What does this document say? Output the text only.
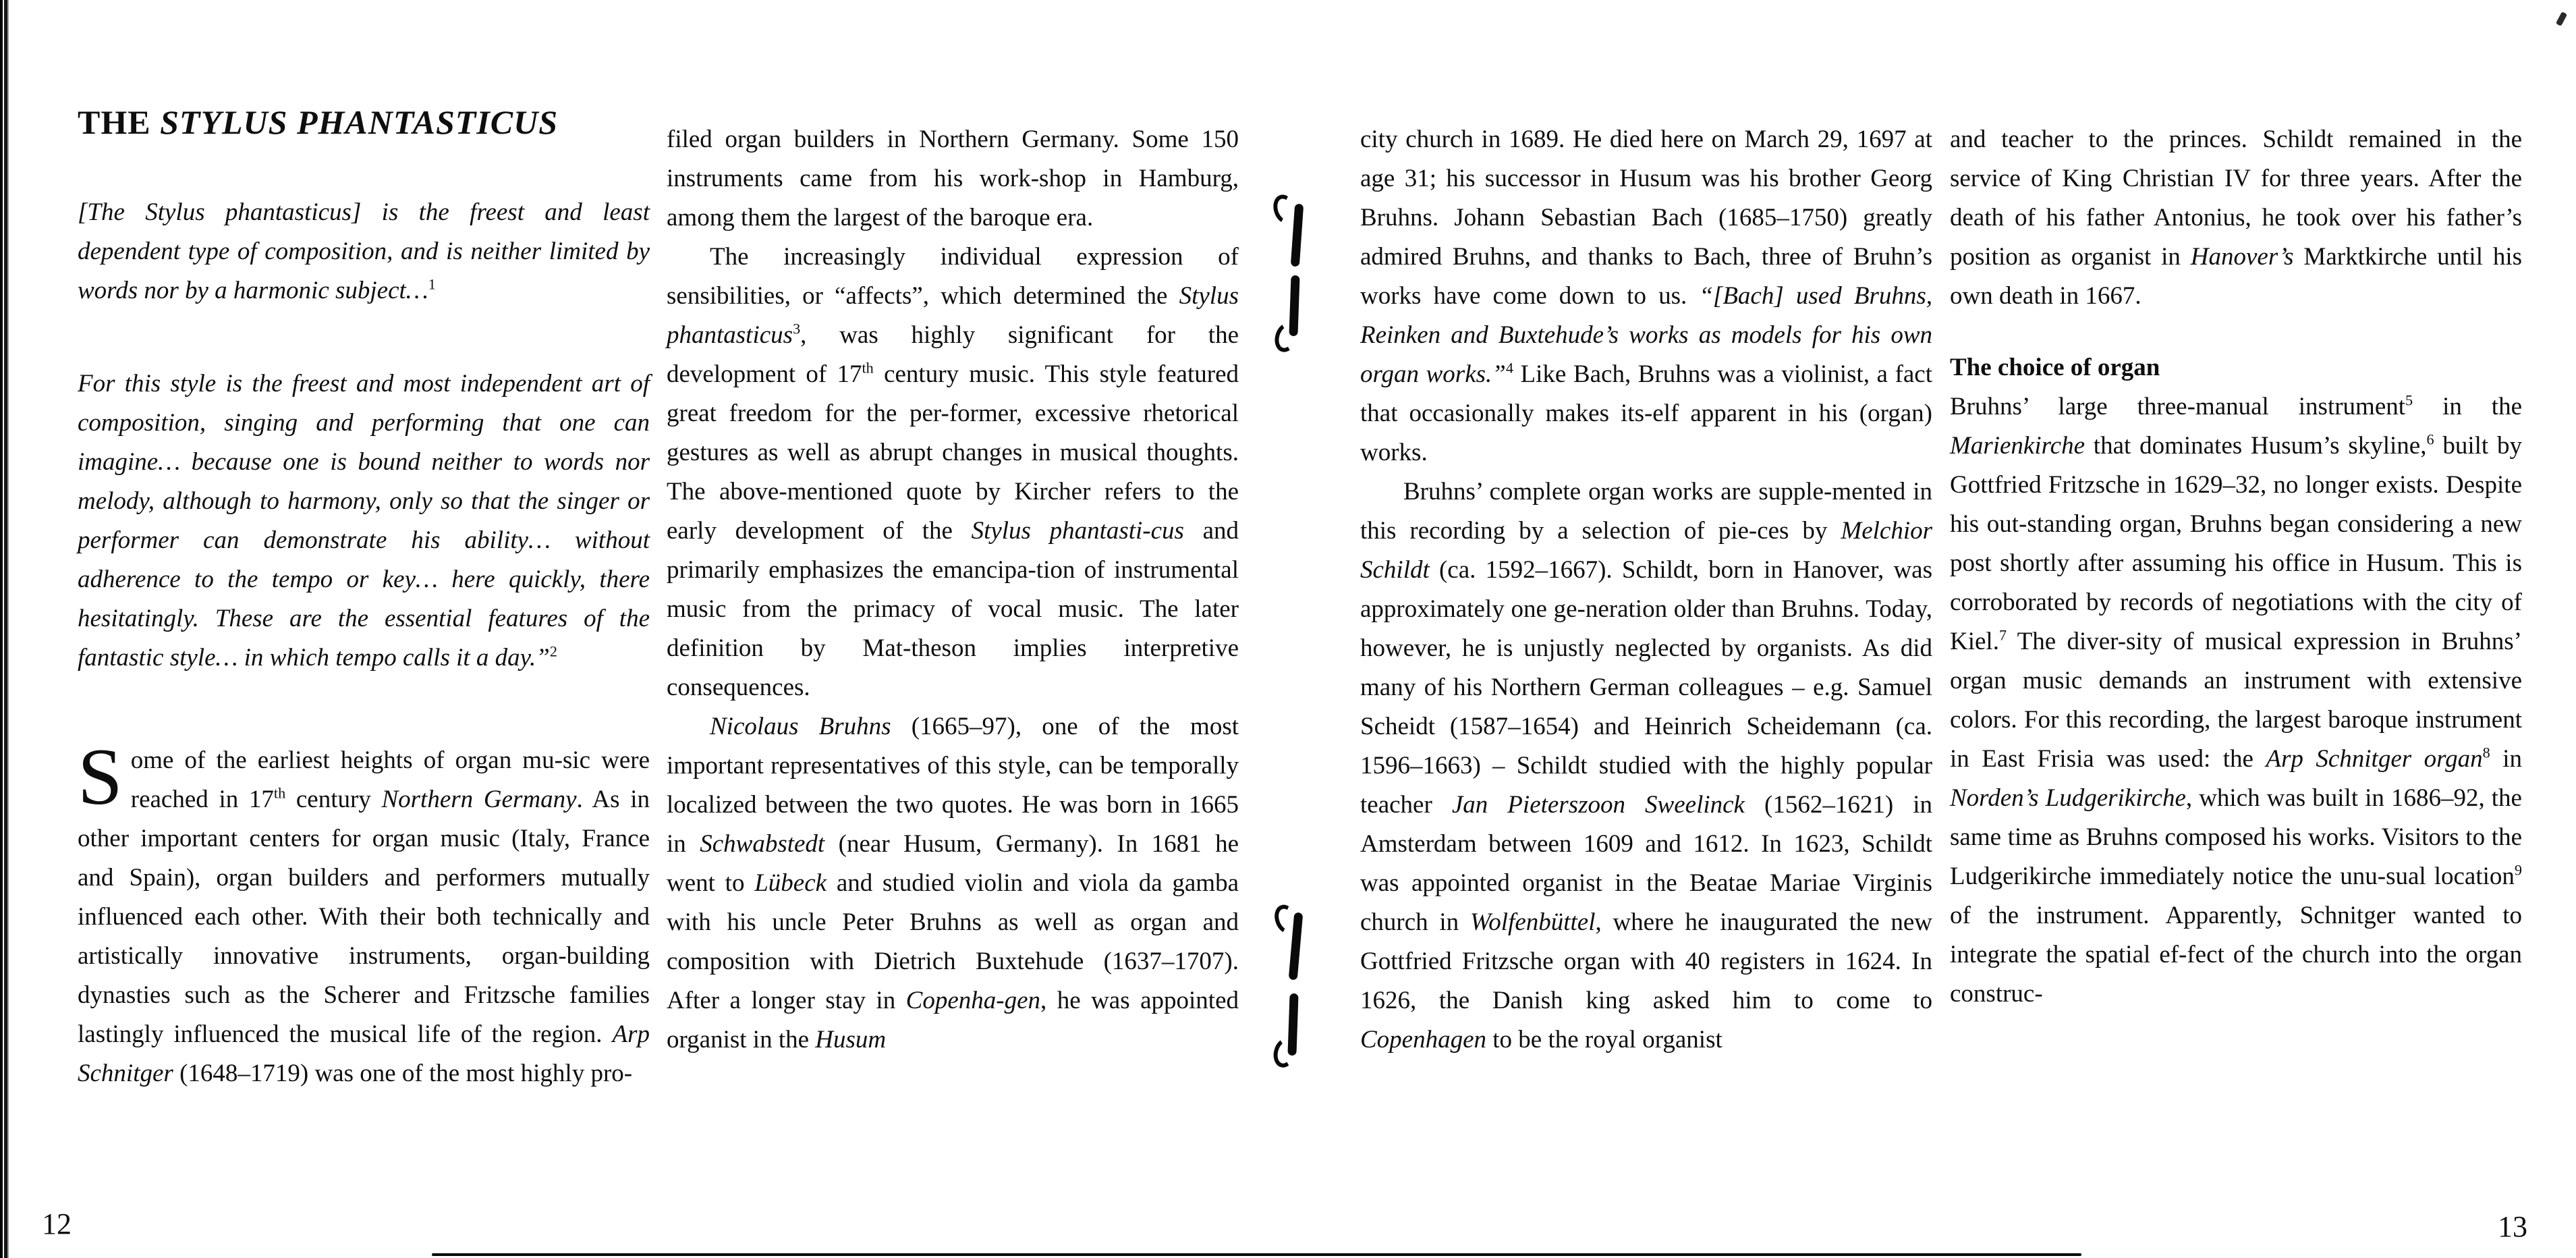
THE STYLUS PHANTASTICUS

[The Stylus phantasticus] is the freest and least dependent type of composition, and is neither limited by words nor by a harmonic subject…$^1$

For this style is the freest and most independent art of composition, singing and performing that one can imagine… because one is bound neither to words nor melody, although to harmony, only so that the singer or performer can demonstrate his ability… without adherence to the tempo or key… here quickly, there hesitatingly. These are the essential features of the fantastic style… in which tempo calls it a day.”$^2$

Some of the earliest heights of organ mu-sic were reached in 17th century Northern Germany. As in other important centers for organ music (Italy, France and Spain), organ builders and performers mutually influenced each other. With their both technically and artistically innovative instruments, organ-building dynasties such as the Scherer and Fritzsche families lastingly influenced the musical life of the region. Arp Schnitger (1648–1719) was one of the most highly pro-

filed organ builders in Northern Germany. Some 150 instruments came from his work-shop in Hamburg, among them the largest of the baroque era.

The increasingly individual expression of sensibilities, or “affects”, which determined the Stylus phantasticus$^3$, was highly significant for the development of 17th century music. This style featured great freedom for the per-former, excessive rhetorical gestures as well as abrupt changes in musical thoughts. The above-mentioned quote by Kircher refers to the early development of the Stylus phantasti-cus and primarily emphasizes the emancipa-tion of instrumental music from the primacy of vocal music. The later definition by Mat-theson implies interpretive consequences.

Nicolaus Bruhns (1665–97), one of the most important representatives of this style, can be temporally localized between the two quotes. He was born in 1665 in Schwabstedt (near Husum, Germany). In 1681 he went to Lübeck and studied violin and viola da gamba with his uncle Peter Bruhns as well as organ and composition with Dietrich Buxtehude (1637–1707). After a longer stay in Copenha-gen, he was appointed organist in the Husum

city church in 1689. He died here on March 29, 1697 at age 31; his successor in Husum was his brother Georg Bruhns. Johann Sebastian Bach (1685–1750) greatly admired Bruhns, and thanks to Bach, three of Bruhn’s works have come down to us. “[Bach] used Bruhns, Reinken and Buxtehude’s works as models for his own organ works.”$^4$ Like Bach, Bruhns was a violinist, a fact that occasionally makes its-elf apparent in his (organ) works.

Bruhns’ complete organ works are supple-mented in this recording by a selection of pie-ces by Melchior Schildt (ca. 1592–1667). Schildt, born in Hanover, was approximately one ge-neration older than Bruhns. Today, however, he is unjustly neglected by organists. As did many of his Northern German colleagues – e.g. Samuel Scheidt (1587–1654) and Heinrich Scheidemann (ca. 1596–1663) – Schildt studied with the highly popular teacher Jan Pieterszoon Sweelinck (1562–1621) in Amsterdam between 1609 and 1612. In 1623, Schildt was appointed organist in the Beatae Mariae Virginis church in Wolfenbüttel, where he inaugurated the new Gottfried Fritzsche organ with 40 registers in 1624. In 1626, the Danish king asked him to come to Copenhagen to be the royal organist

and teacher to the princes. Schildt remained in the service of King Christian IV for three years. After the death of his father Antonius, he took over his father’s position as organist in Hanover’s Marktkirche until his own death in 1667.

The choice of organ

Bruhns’ large three-manual instrument$^5$ in the Marienkirche that dominates Husum’s skyline,$^6$ built by Gottfried Fritzsche in 1629–32, no longer exists. Despite his out-standing organ, Bruhns began considering a new post shortly after assuming his office in Husum. This is corroborated by records of negotiations with the city of Kiel.$^7$ The diver-sity of musical expression in Bruhns’ organ music demands an instrument with extensive colors. For this recording, the largest baroque instrument in East Frisia was used: the Arp Schnitger organ$^8$ in Norden’s Ludgerikirche, which was built in 1686–92, the same time as Bruhns composed his works. Visitors to the Ludgerikirche immediately notice the unu-sual location$^9$ of the instrument. Apparently, Schnitger wanted to integrate the spatial ef-fect of the church into the organ construc-

12	13
